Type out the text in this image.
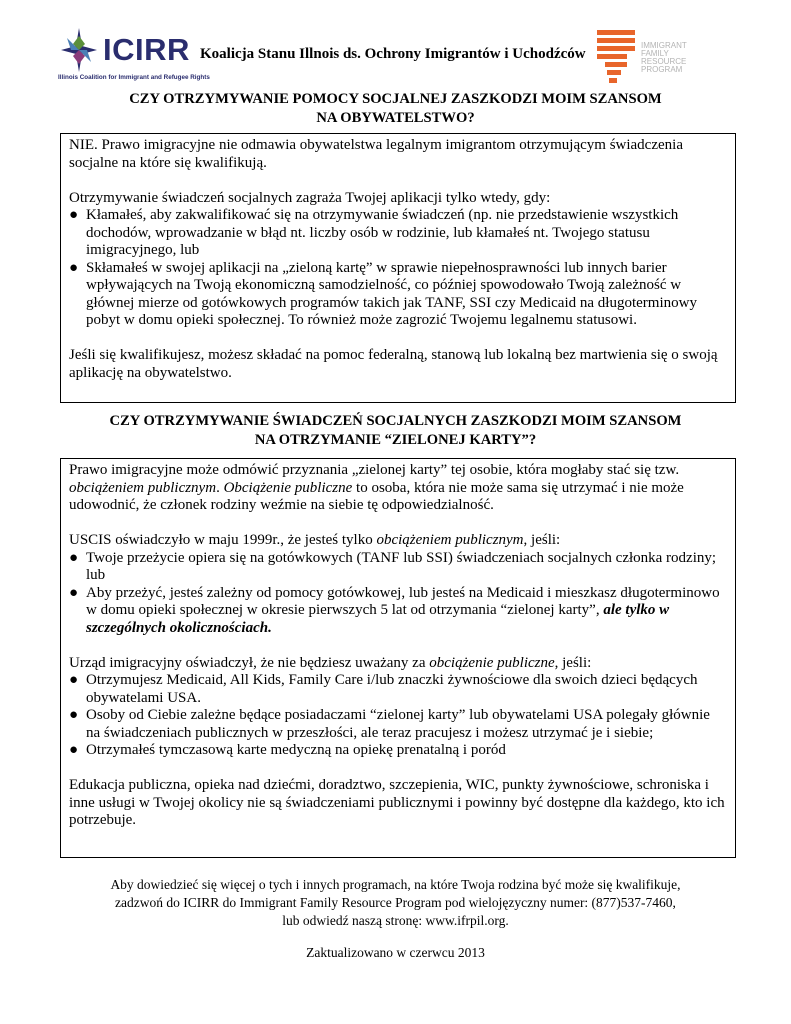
ICIRR
Illinois Coalition for Immigrant and Refugee Rights
Koalicja Stanu Illnois ds. Ochrony Imigrantów i Uchodźców
IMMIGRANT
FAMILY RESOURCE
PROGRAM
CZY OTRZYMYWANIE POMOCY SOCJALNEJ ZASZKODZI MOIM SZANSOM
NA OBYWATELSTWO?

NIE. Prawo imigracyjne nie odmawia obywatelstwa legalnym imigrantom otrzymującym świadczenia socjalne na które się kwalifikują.

Otrzymywanie świadczeń socjalnych zagraża Twojej aplikacji tylko wtedy, gdy:

● Kłamałeś, aby zakwalifikować się na otrzymywanie świadczeń (np. nie przedstawienie wszystkich dochodów, wprowadzanie w błąd nt. liczby osób w rodzinie, lub kłamałeś nt. Twojego statusu imigracyjnego, lub
● Skłamałeś w swojej aplikacji na „zieloną kartę” w sprawie niepełnosprawności lub innych barier wpływających na Twoją ekonomiczną samodzielność, co później spowodowało Twoją zależność w głównej mierze od gotówkowych programów takich jak TANF, SSI czy Medicaid na długoterminowy pobyt w domu opieki społecznej. To również może zagrozić Twojemu legalnemu statusowi.

Jeśli się kwalifikujesz, możesz składać na pomoc federalną, stanową lub lokalną bez martwienia się o swoją aplikację na obywatelstwo.

CZY OTRZYMYWANIE ŚWIADCZEŃ SOCJALNYCH ZASZKODZI MOIM SZANSOM
NA OTRZYMANIE “ZIELONEJ KARTY”?

Prawo imigracyjne może odmówić przyznania „zielonej karty” tej osobie, która mogłaby stać się tzw. obciążeniem publicznym. Obciążenie publiczne to osoba, która nie może sama się utrzymać i nie może udowodnić, że członek rodziny weźmie na siebie tę odpowiedzialność.

USCIS oświadczyło w maju 1999r., że jesteś tylko obciążeniem publicznym, jeśli:

● Twoje przeżycie opiera się na gotówkowych (TANF lub SSI) świadczeniach socjalnych członka rodziny; lub
● Aby przeżyć, jesteś zależny od pomocy gotówkowej, lub jesteś na Medicaid i mieszkasz długoterminowo w domu opieki społecznej w okresie pierwszych 5 lat od otrzymania “zielonej karty”, ale tylko w szczególnych okolicznościach.

Urząd imigracyjny oświadczył, że nie będziesz uważany za obciążenie publiczne, jeśli:

● Otrzymujesz Medicaid, All Kids, Family Care i/lub znaczki żywnościowe dla swoich dzieci będących obywatelami USA.
● Osoby od Ciebie zależne będące posiadaczami “zielonej karty” lub obywatelami USA polegały głównie na świadczeniach publicznych w przeszłości, ale teraz pracujesz i możesz utrzymać je i siebie;
● Otrzymałeś tymczasową karte medyczną na opiekę prenatalną i poród

Edukacja publiczna, opieka nad dziećmi, doradztwo, szczepienia, WIC, punkty żywnościowe, schroniska i inne usługi w Twojej okolicy nie są świadczeniami publicznymi i powinny być dostępne dla każdego, kto ich potrzebuje.

Aby dowiedzieć się więcej o tych i innych programach, na które Twoja rodzina być może się kwalifikuje,
zadzwoń do ICIRR do Immigrant Family Resource Program pod wielojęzyczny numer: (877)537-7460,
lub odwiedź naszą stronę: www.ifrpil.org.
Zaktualizowano w czerwcu 2013
